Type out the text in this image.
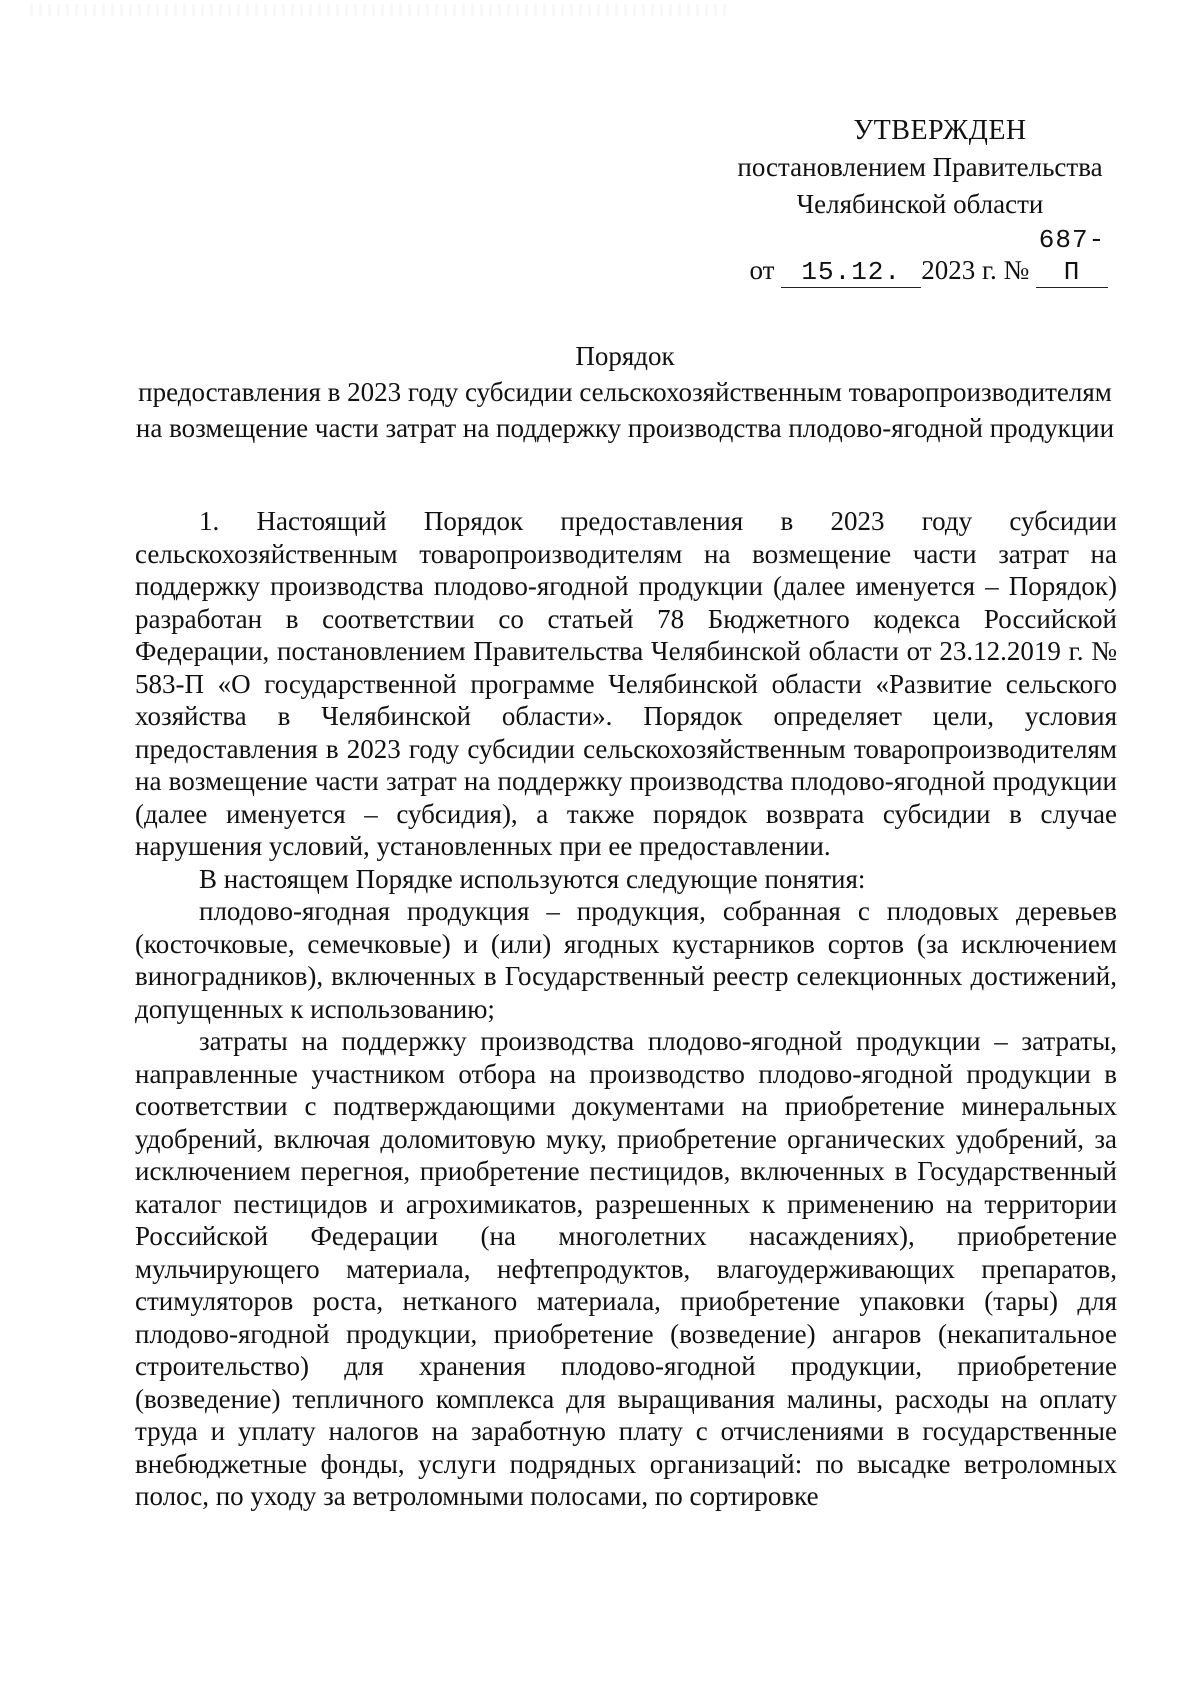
УТВЕРЖДЕН
постановлением Правительства
Челябинской области
от 15.12. 2023 г. № 687-П
Порядок
предоставления в 2023 году субсидии сельскохозяйственным товаропроизводителям на возмещение части затрат на поддержку производства плодово-ягодной продукции

1. Настоящий Порядок предоставления в 2023 году субсидии сельскохозяйственным товаропроизводителям на возмещение части затрат на поддержку производства плодово-ягодной продукции (далее именуется – Порядок) разработан в соответствии со статьей 78 Бюджетного кодекса Российской Федерации, постановлением Правительства Челябинской области от 23.12.2019 г. № 583-П «О государственной программе Челябинской области «Развитие сельского хозяйства в Челябинской области». Порядок определяет цели, условия предоставления в 2023 году субсидии сельскохозяйственным товаропроизводителям на возмещение части затрат на поддержку производства плодово-ягодной продукции (далее именуется – субсидия), а также порядок возврата субсидии в случае нарушения условий, установленных при ее предоставлении.

В настоящем Порядке используются следующие понятия:

плодово-ягодная продукция – продукция, собранная с плодовых деревьев (косточковые, семечковые) и (или) ягодных кустарников сортов (за исключением виноградников), включенных в Государственный реестр селекционных достижений, допущенных к использованию;

затраты на поддержку производства плодово-ягодной продукции – затраты, направленные участником отбора на производство плодово-ягодной продукции в соответствии с подтверждающими документами на приобретение минеральных удобрений, включая доломитовую муку, приобретение органических удобрений, за исключением перегноя, приобретение пестицидов, включенных в Государственный каталог пестицидов и агрохимикатов, разрешенных к применению на территории Российской Федерации (на многолетних насаждениях), приобретение мульчирующего материала, нефтепродуктов, влагоудерживающих препаратов, стимуляторов роста, нетканого материала, приобретение упаковки (тары) для плодово-ягодной продукции, приобретение (возведение) ангаров (некапитальное строительство) для хранения плодово-ягодной продукции, приобретение (возведение) тепличного комплекса для выращивания малины, расходы на оплату труда и уплату налогов на заработную плату с отчислениями в государственные внебюджетные фонды, услуги подрядных организаций: по высадке ветроломных полос, по уходу за ветроломными полосами, по сортировке
